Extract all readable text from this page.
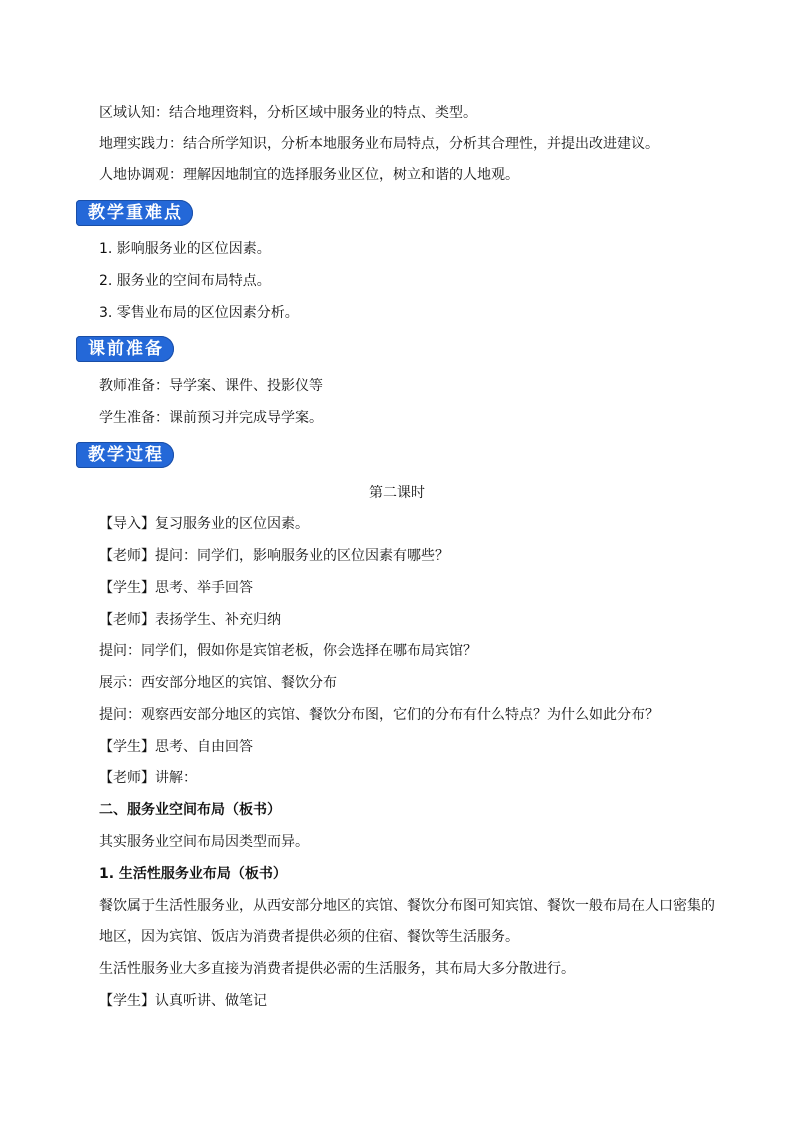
区域认知：结合地理资料，分析区域中服务业的特点、类型。
地理实践力：结合所学知识，分析本地服务业布局特点，分析其合理性，并提出改进建议。
人地协调观：理解因地制宜的选择服务业区位，树立和谐的人地观。
教学重难点
1. 影响服务业的区位因素。
2. 服务业的空间布局特点。
3. 零售业布局的区位因素分析。
课前准备
教师准备：导学案、课件、投影仪等
学生准备：课前预习并完成导学案。
教学过程
第二课时
【导入】复习服务业的区位因素。
【老师】提问：同学们，影响服务业的区位因素有哪些？
【学生】思考、举手回答
【老师】表扬学生、补充归纳
提问：同学们，假如你是宾馆老板，你会选择在哪布局宾馆？
展示：西安部分地区的宾馆、餐饮分布
提问：观察西安部分地区的宾馆、餐饮分布图，它们的分布有什么特点？为什么如此分布？
【学生】思考、自由回答
【老师】讲解：
二、服务业空间布局（板书）
其实服务业空间布局因类型而异。
1. 生活性服务业布局（板书）
餐饮属于生活性服务业，从西安部分地区的宾馆、餐饮分布图可知宾馆、餐饮一般布局在人口密集的地区，因为宾馆、饭店为消费者提供必须的住宿、餐饮等生活服务。
生活性服务业大多直接为消费者提供必需的生活服务，其布局大多分散进行。
【学生】认真听讲、做笔记
